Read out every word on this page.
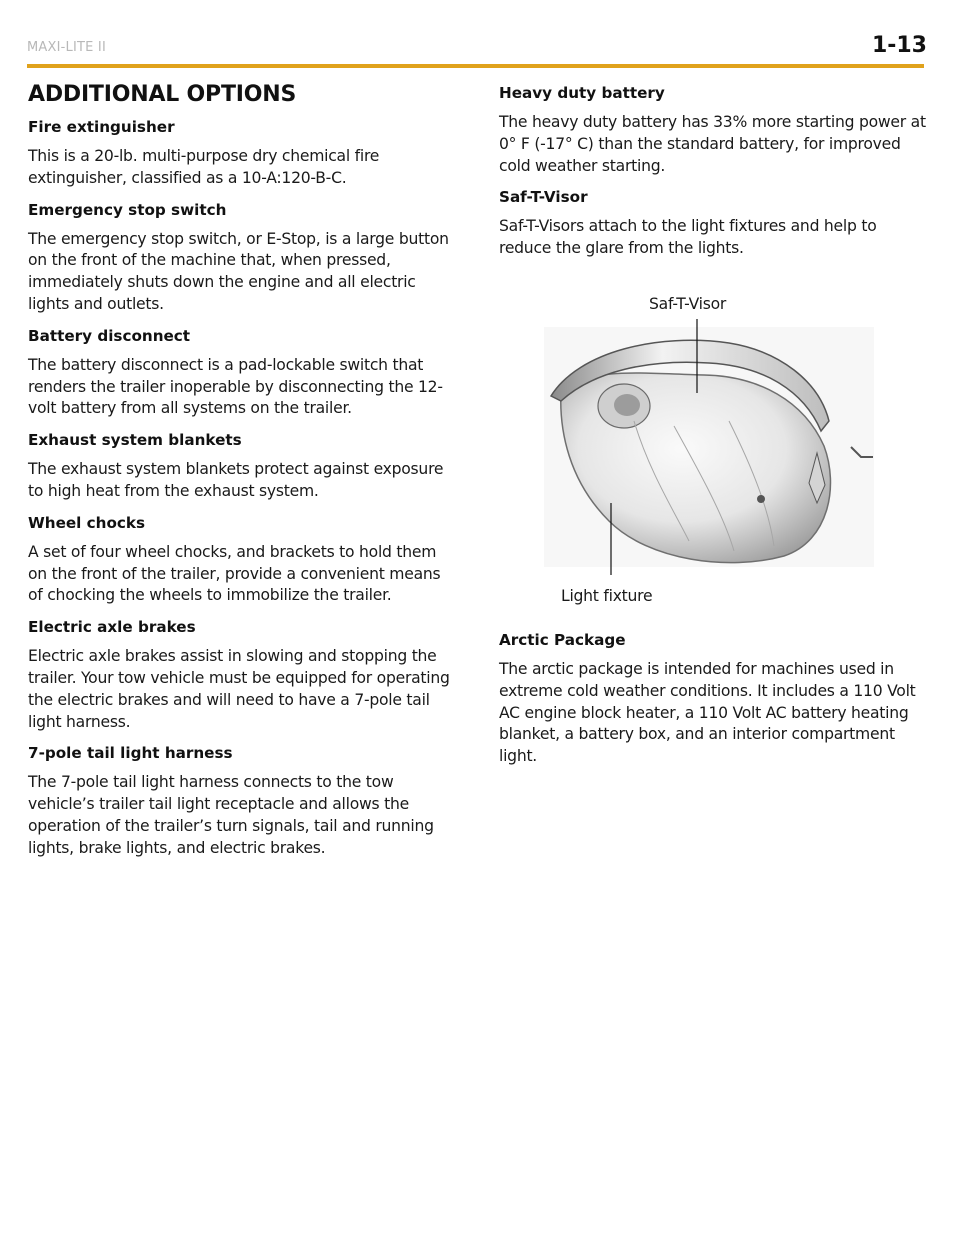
MAXI-LITE II	1-13
ADDITIONAL OPTIONS
Fire extinguisher

This is a 20-lb. multi-purpose dry chemical fire extinguisher, classified as a 10-A:120-B-C.

Emergency stop switch

The emergency stop switch, or E-Stop, is a large button on the front of the machine that, when pressed, immediately shuts down the engine and all electric lights and outlets.

Battery disconnect

The battery disconnect is a pad-lockable switch that renders the trailer inoperable by disconnecting the 12-volt battery from all systems on the trailer.

Exhaust system blankets

The exhaust system blankets protect against exposure to high heat from the exhaust system.

Wheel chocks

A set of four wheel chocks, and brackets to hold them on the front of the trailer, provide a convenient means of chocking the wheels to immobilize the trailer.

Electric axle brakes

Electric axle brakes assist in slowing and stopping the trailer. Your tow vehicle must be equipped for operating the electric brakes and will need to have a 7-pole tail light harness.

7-pole tail light harness

The 7-pole tail light harness connects to the tow vehicle’s trailer tail light receptacle and allows the operation of the trailer’s turn signals, tail and running lights, brake lights, and electric brakes.

Heavy duty battery

The heavy duty battery has 33% more starting power at 0° F (-17° C) than the standard battery, for improved cold weather starting.

Saf-T-Visor

Saf-T-Visors attach to the light fixtures and help to reduce the glare from the lights.

Saf-T-Visor
Light fixture
Arctic Package

The arctic package is intended for machines used in extreme cold weather conditions. It includes a 110 Volt AC engine block heater, a 110 Volt AC battery heating blanket, a battery box, and an interior compartment light.
